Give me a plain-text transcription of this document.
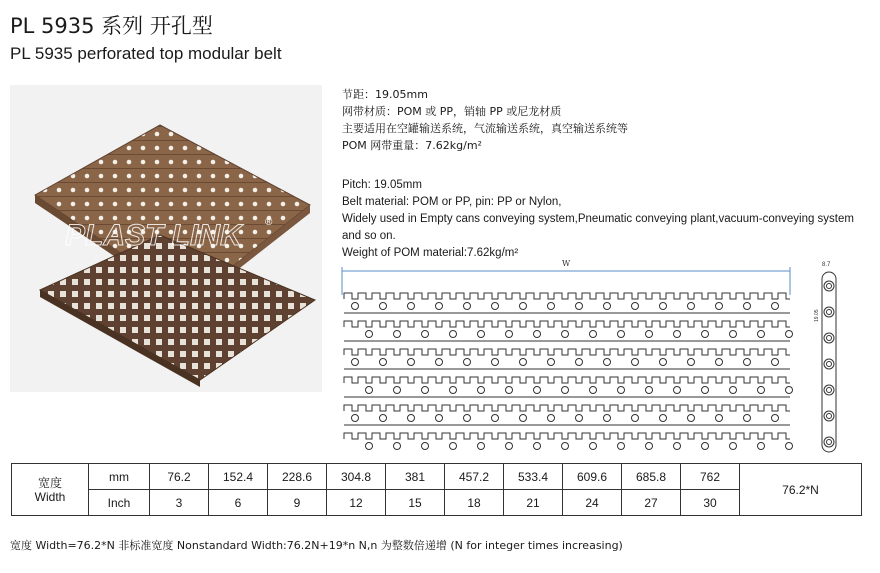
PL 5935 系列 开孔型
PL 5935 perforated top modular belt
PLAST LINK ®
节距：19.05mm
网带材质：POM 或 PP，销轴 PP 或尼龙材质
主要适用在空罐输送系统，气流输送系统，真空输送系统等
POM 网带重量：7.62kg/m²
Pitch: 19.05mm
Belt material: POM or PP, pin: PP or Nylon,
Widely used in Empty cans conveying system,Pneumatic conveying plant,vacuum-conveying system and so on.
Weight of POM material:7.62kg/m²
W	8.7
19.05
宽度
Width	mm	76.2	152.4	228.6	304.8	381	457.2	533.4	609.6	685.8	762	76.2*N
	Inch	3	6	9	12	15	18	21	24	27	30	
宽度 Width=76.2*N 非标准宽度 Nonstandard Width:76.2N+19*n N,n 为整数倍递增 (N for integer times increasing)
